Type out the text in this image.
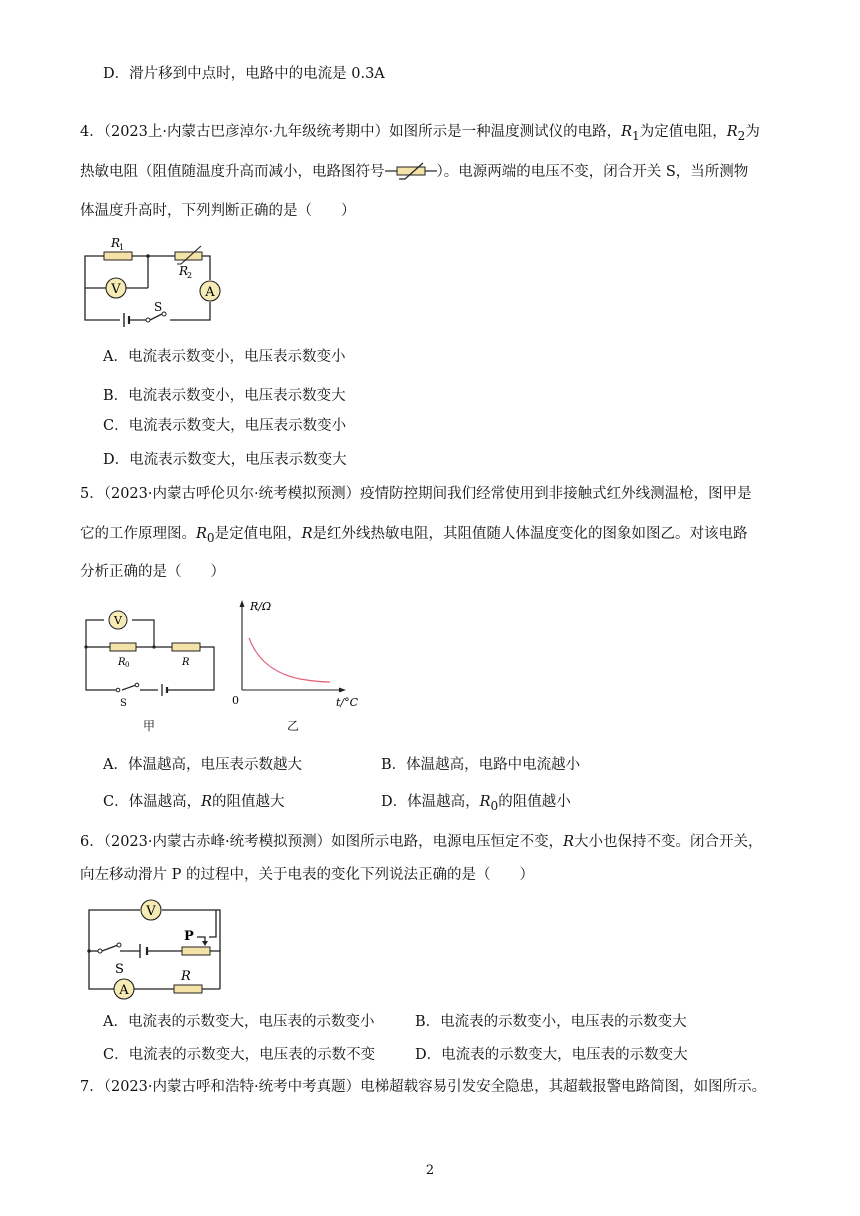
D．滑片移到中点时，电路中的电流是 0.3A
4．（2023上·内蒙古巴彦淖尔·九年级统考期中）如图所示是一种温度测试仪的电路，$R_1$为定值电阻，$R_2$为
热敏电阻（阻值随温度升高而减小，电路图符号	）。电源两端的电压不变，闭合开关 S，当所测物
体温度升高时，下列判断正确的是（　　）
V	A
R
1
R
2
S
A．电流表示数变小，电压表示数变小
B．电流表示数变小，电压表示数变大
C．电流表示数变大，电压表示数变小
D．电流表示数变大，电压表示数变大
5．（2023·内蒙古呼伦贝尔·统考模拟预测）疫情防控期间我们经常使用到非接触式红外线测温枪，图甲是
它的工作原理图。$R_0$是定值电阻，R是红外线热敏电阻，其阻值随人体温度变化的图象如图乙。对该电路
分析正确的是（　　）
V
R 0	R
S
甲
R/Ω
t/°C
0
乙
A．体温越高，电压表示数越大	B．体温越高，电路中电流越小
C．体温越高，R的阻值越大	D．体温越高，$R_0$的阻值越小
6．（2023·内蒙古赤峰·统考模拟预测）如图所示电路，电源电压恒定不变，R大小也保持不变。闭合开关，
向左移动滑片 P 的过程中，关于电表的变化下列说法正确的是（　　）
V
P
S
A
R
A．电流表的示数变大，电压表的示数变小	B．电流表的示数变小，电压表的示数变大
C．电流表的示数变大，电压表的示数不变	D．电流表的示数变大，电压表的示数变大
7．（2023·内蒙古呼和浩特·统考中考真题）电梯超载容易引发安全隐患，其超载报警电路简图，如图所示。
2
